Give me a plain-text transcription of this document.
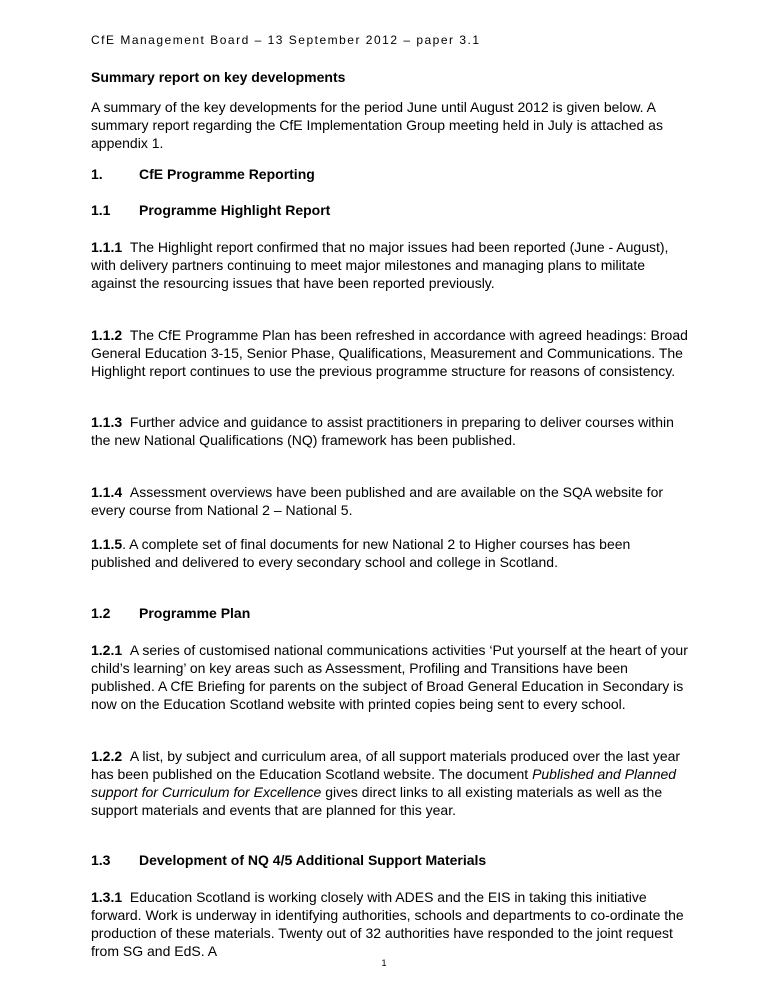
CfE Management Board – 13 September 2012 – paper 3.1
Summary report on key developments

A summary of the key developments for the period June until August 2012 is given below. A summary report regarding the CfE Implementation Group meeting held in July is attached as appendix 1.

1.	CfE Programme Reporting
1.1 Programme Highlight Report

1.1.1 The Highlight report confirmed that no major issues had been reported (June - August), with delivery partners continuing to meet major milestones and managing plans to militate against the resourcing issues that have been reported previously.

1.1.2 The CfE Programme Plan has been refreshed in accordance with agreed headings: Broad General Education 3-15, Senior Phase, Qualifications, Measurement and Communications. The Highlight report continues to use the previous programme structure for reasons of consistency.

1.1.3 Further advice and guidance to assist practitioners in preparing to deliver courses within the new National Qualifications (NQ) framework has been published.

1.1.4 Assessment overviews have been published and are available on the SQA website for every course from National 2 – National 5.

1.1.5. A complete set of final documents for new National 2 to Higher courses has been published and delivered to every secondary school and college in Scotland.

1.2 Programme Plan

1.2.1 A series of customised national communications activities ‘Put yourself at the heart of your child’s learning’ on key areas such as Assessment, Profiling and Transitions have been published. A CfE Briefing for parents on the subject of Broad General Education in Secondary is now on the Education Scotland website with printed copies being sent to every school.

1.2.2 A list, by subject and curriculum area, of all support materials produced over the last year has been published on the Education Scotland website. The document Published and Planned support for Curriculum for Excellence gives direct links to all existing materials as well as the support materials and events that are planned for this year.

1.3 Development of NQ 4/5 Additional Support Materials

1.3.1 Education Scotland is working closely with ADES and the EIS in taking this initiative forward. Work is underway in identifying authorities, schools and departments to co-ordinate the production of these materials. Twenty out of 32 authorities have responded to the joint request from SG and EdS. A

1
